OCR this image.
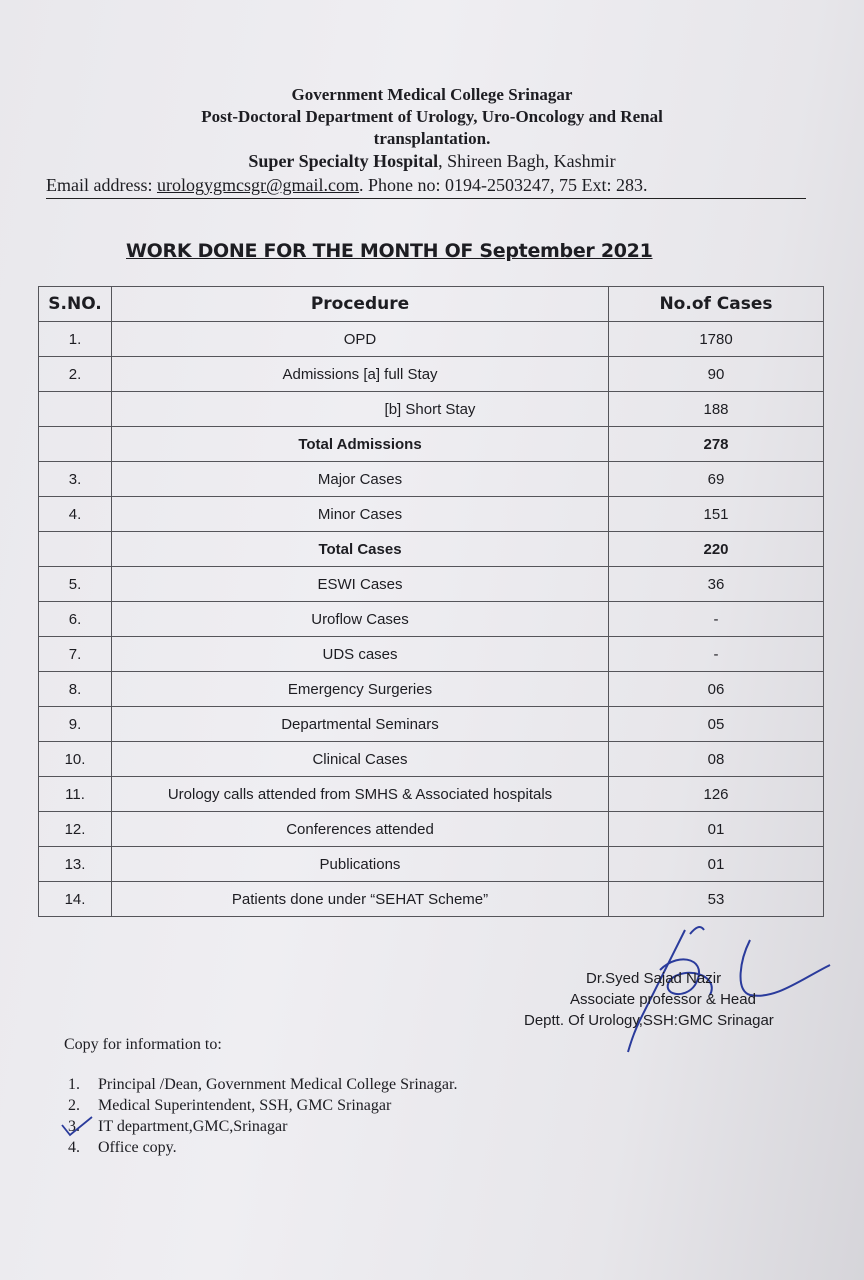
Government Medical College Srinagar
Post-Doctoral Department of Urology, Uro-Oncology and Renal
transplantation.
Super Specialty Hospital, Shireen Bagh, Kashmir
Email address: urologygmcsgr@gmail.com. Phone no: 0194-2503247, 75 Ext: 283.
WORK DONE FOR THE MONTH OF September 2021
S.NO.	Procedure	No.of Cases
1.	OPD	1780
2.	Admissions [a] full Stay	90
	[b] Short Stay	188
	Total Admissions	278
3.	Major Cases	69
4.	Minor Cases	151
	Total Cases	220
5.	ESWI Cases	36
6.	Uroflow Cases	-
7.	UDS cases	-
8.	Emergency Surgeries	06
9.	Departmental Seminars	05
10.	Clinical Cases	08
11.	Urology calls attended from SMHS & Associated hospitals	126
12.	Conferences attended	01
13.	Publications	01
14.	Patients done under “SEHAT Scheme”	53
Dr.Syed Sajad Nazir
Associate professor & Head
Deptt. Of Urology,SSH:GMC Srinagar
Copy for information to:
1. Principal /Dean, Government Medical College Srinagar.
2. Medical Superintendent, SSH, GMC Srinagar
3. IT department,GMC,Srinagar
4. Office copy.
